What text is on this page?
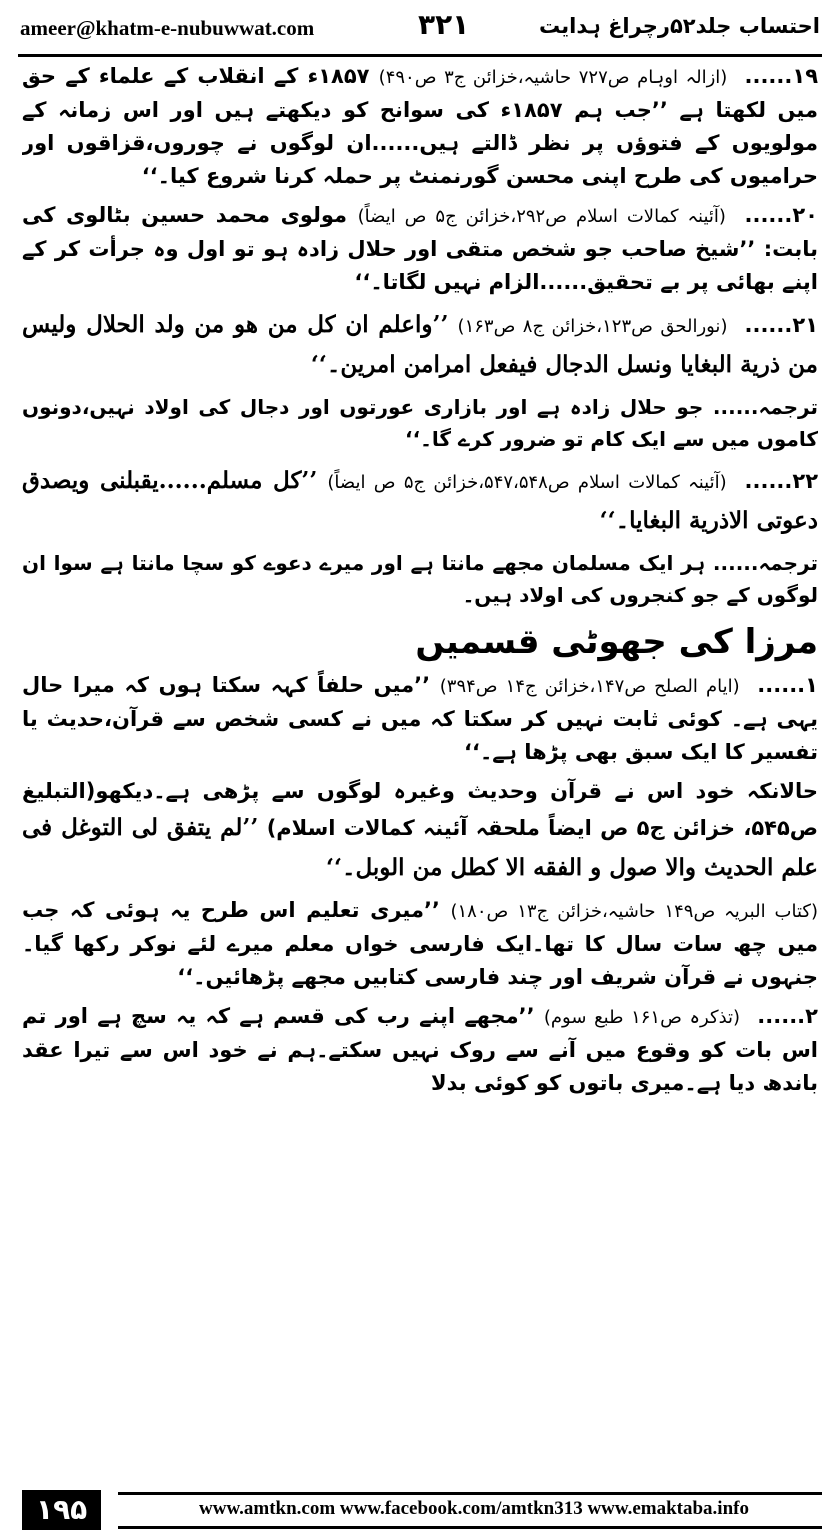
ameer@khatm-e-nubuwwat.com	۳۲۱	احتساب جلد۵۲رچراغ ہدایت

۱۹...... (ازالہ اوہام ص۷۲۷ حاشیہ،خزائن ج۳ ص۴۹۰) ۱۸۵۷ء کے انقلاب کے علماء کے حق میں لکھتا ہے ’’جب ہم ۱۸۵۷ء کی سوانح کو دیکھتے ہیں اور اس زمانہ کے مولویوں کے فتوؤں پر نظر ڈالتے ہیں......ان لوگوں نے چوروں،قزاقوں اور حرامیوں کی طرح اپنی محسن گورنمنٹ پر حملہ کرنا شروع کیا۔‘‘

۲۰...... (آئینہ کمالات اسلام ص۲۹۲،خزائن ج۵ ص ایضاً) مولوی محمد حسین بٹالوی کی بابت: ’’شیخ صاحب جو شخص متقی اور حلال زادہ ہو تو اول وہ جرأت کر کے اپنے بھائی پر بے تحقیق......الزام نہیں لگاتا۔‘‘

۲۱...... (نورالحق ص۱۲۳،خزائن ج۸ ص۱۶۳) ’’واعلم ان کل من هو من ولد الحلال وليس من ذرية البغايا ونسل الدجال فيفعل امرامن امرين۔‘‘

ترجمہ...... جو حلال زادہ ہے اور بازاری عورتوں اور دجال کی اولاد نہیں،دونوں کاموں میں سے ایک کام تو ضرور کرے گا۔‘‘

۲۲...... (آئینہ کمالات اسلام ص۵۴۷،۵۴۸،خزائن ج۵ ص ایضاً) ’’کل مسلم......يقبلنى ويصدق دعوتى الاذرية البغايا۔‘‘

ترجمہ...... ہر ایک مسلمان مجھے مانتا ہے اور میرے دعوے کو سچا مانتا ہے سوا ان لوگوں کے جو کنجروں کی اولاد ہیں۔

مرزا کی جھوٹی قسمیں

۱...... (ایام الصلح ص۱۴۷،خزائن ج۱۴ ص۳۹۴) ’’میں حلفاً کہہ سکتا ہوں کہ میرا حال یہی ہے۔ کوئی ثابت نہیں کر سکتا کہ میں نے کسی شخص سے قرآن،حدیث یا تفسیر کا ایک سبق بھی پڑھا ہے۔‘‘

حالانکہ خود اس نے قرآن وحدیث وغیرہ لوگوں سے پڑھی ہے۔دیکھو(التبلیغ ص۵۴۵، خزائن ج۵ ص ایضاً ملحقہ آئینہ کمالات اسلام) ’’لم يتفق لى التوغل فى علم الحديث والا صول و الفقه الا كطل من الوبل۔‘‘

(کتاب البریہ ص۱۴۹ حاشیہ،خزائن ج۱۳ ص۱۸۰) ’’میری تعلیم اس طرح یہ ہوئی کہ جب میں چھ سات سال کا تھا۔ایک فارسی خواں معلم میرے لئے نوکر رکھا گیا۔جنہوں نے قرآن شریف اور چند فارسی کتابیں مجھے پڑھائیں۔‘‘

۲...... (تذکرہ ص۱۶۱ طبع سوم) ’’مجھے اپنے رب کی قسم ہے کہ یہ سچ ہے اور تم اس بات کو وقوع میں آنے سے روک نہیں سکتے۔ہم نے خود اس سے تیرا عقد باندھ دیا ہے۔میری باتوں کو کوئی بدلا

۱۹۵	www.amtkn.com www.facebook.com/amtkn313 www.emaktaba.info
